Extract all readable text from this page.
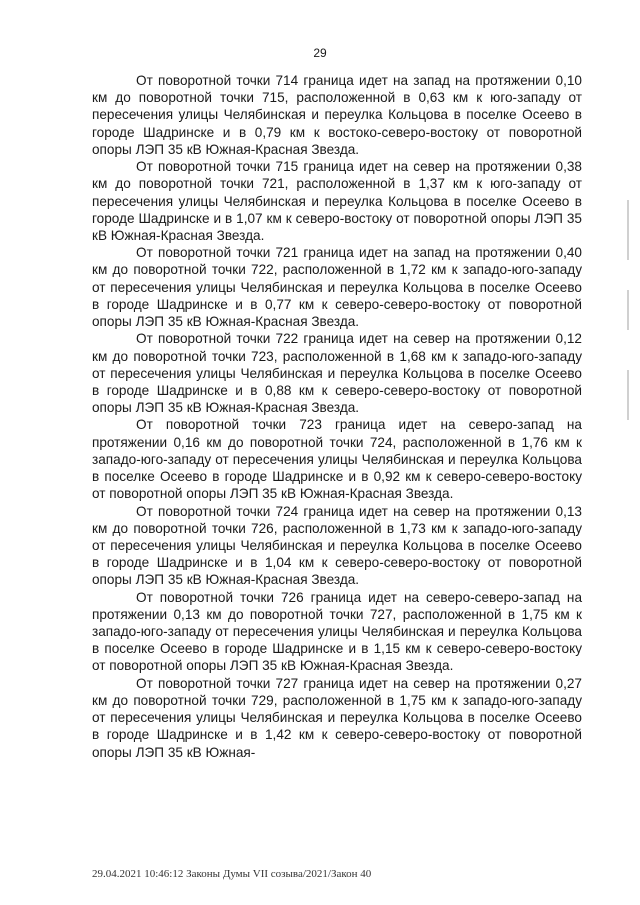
29

От поворотной точки 714 граница идет на запад на протяжении 0,10 км до поворотной точки 715, расположенной в 0,63 км к юго-западу от пересечения улицы Челябинская и переулка Кольцова в поселке Осеево в городе Шадринске и в 0,79 км к востоко-северо-востоку от поворотной опоры ЛЭП 35 кВ Южная-Красная Звезда.

От поворотной точки 715 граница идет на север на протяжении 0,38 км до поворотной точки 721, расположенной в 1,37 км к юго-западу от пересечения улицы Челябинская и переулка Кольцова в поселке Осеево в городе Шадринске и в 1,07 км к северо-востоку от поворотной опоры ЛЭП 35 кВ Южная-Красная Звезда.

От поворотной точки 721 граница идет на запад на протяжении 0,40 км до поворотной точки 722, расположенной в 1,72 км к западо-юго-западу от пересечения улицы Челябинская и переулка Кольцова в поселке Осеево в городе Шадринске и в 0,77 км к северо-северо-востоку от поворотной опоры ЛЭП 35 кВ Южная-Красная Звезда.

От поворотной точки 722 граница идет на север на протяжении 0,12 км до поворотной точки 723, расположенной в 1,68 км к западо-юго-западу от пересечения улицы Челябинская и переулка Кольцова в поселке Осеево в городе Шадринске и в 0,88 км к северо-северо-востоку от поворотной опоры ЛЭП 35 кВ Южная-Красная Звезда.

От поворотной точки 723 граница идет на северо-запад на протяжении 0,16 км до поворотной точки 724, расположенной в 1,76 км к западо-юго-западу от пересечения улицы Челябинская и переулка Кольцова в поселке Осеево в городе Шадринске и в 0,92 км к северо-северо-востоку от поворотной опоры ЛЭП 35 кВ Южная-Красная Звезда.

От поворотной точки 724 граница идет на север на протяжении 0,13 км до поворотной точки 726, расположенной в 1,73 км к западо-юго-западу от пересечения улицы Челябинская и переулка Кольцова в поселке Осеево в городе Шадринске и в 1,04 км к северо-северо-востоку от поворотной опоры ЛЭП 35 кВ Южная-Красная Звезда.

От поворотной точки 726 граница идет на северо-северо-запад на протяжении 0,13 км до поворотной точки 727, расположенной в 1,75 км к западо-юго-западу от пересечения улицы Челябинская и переулка Кольцова в поселке Осеево в городе Шадринске и в 1,15 км к северо-северо-востоку от поворотной опоры ЛЭП 35 кВ Южная-Красная Звезда.

От поворотной точки 727 граница идет на север на протяжении 0,27 км до поворотной точки 729, расположенной в 1,75 км к западо-юго-западу от пересечения улицы Челябинская и переулка Кольцова в поселке Осеево в городе Шадринске и в 1,42 км к северо-северо-востоку от поворотной опоры ЛЭП 35 кВ Южная-

29.04.2021 10:46:12 Законы Думы VII созыва/2021/Закон 40
